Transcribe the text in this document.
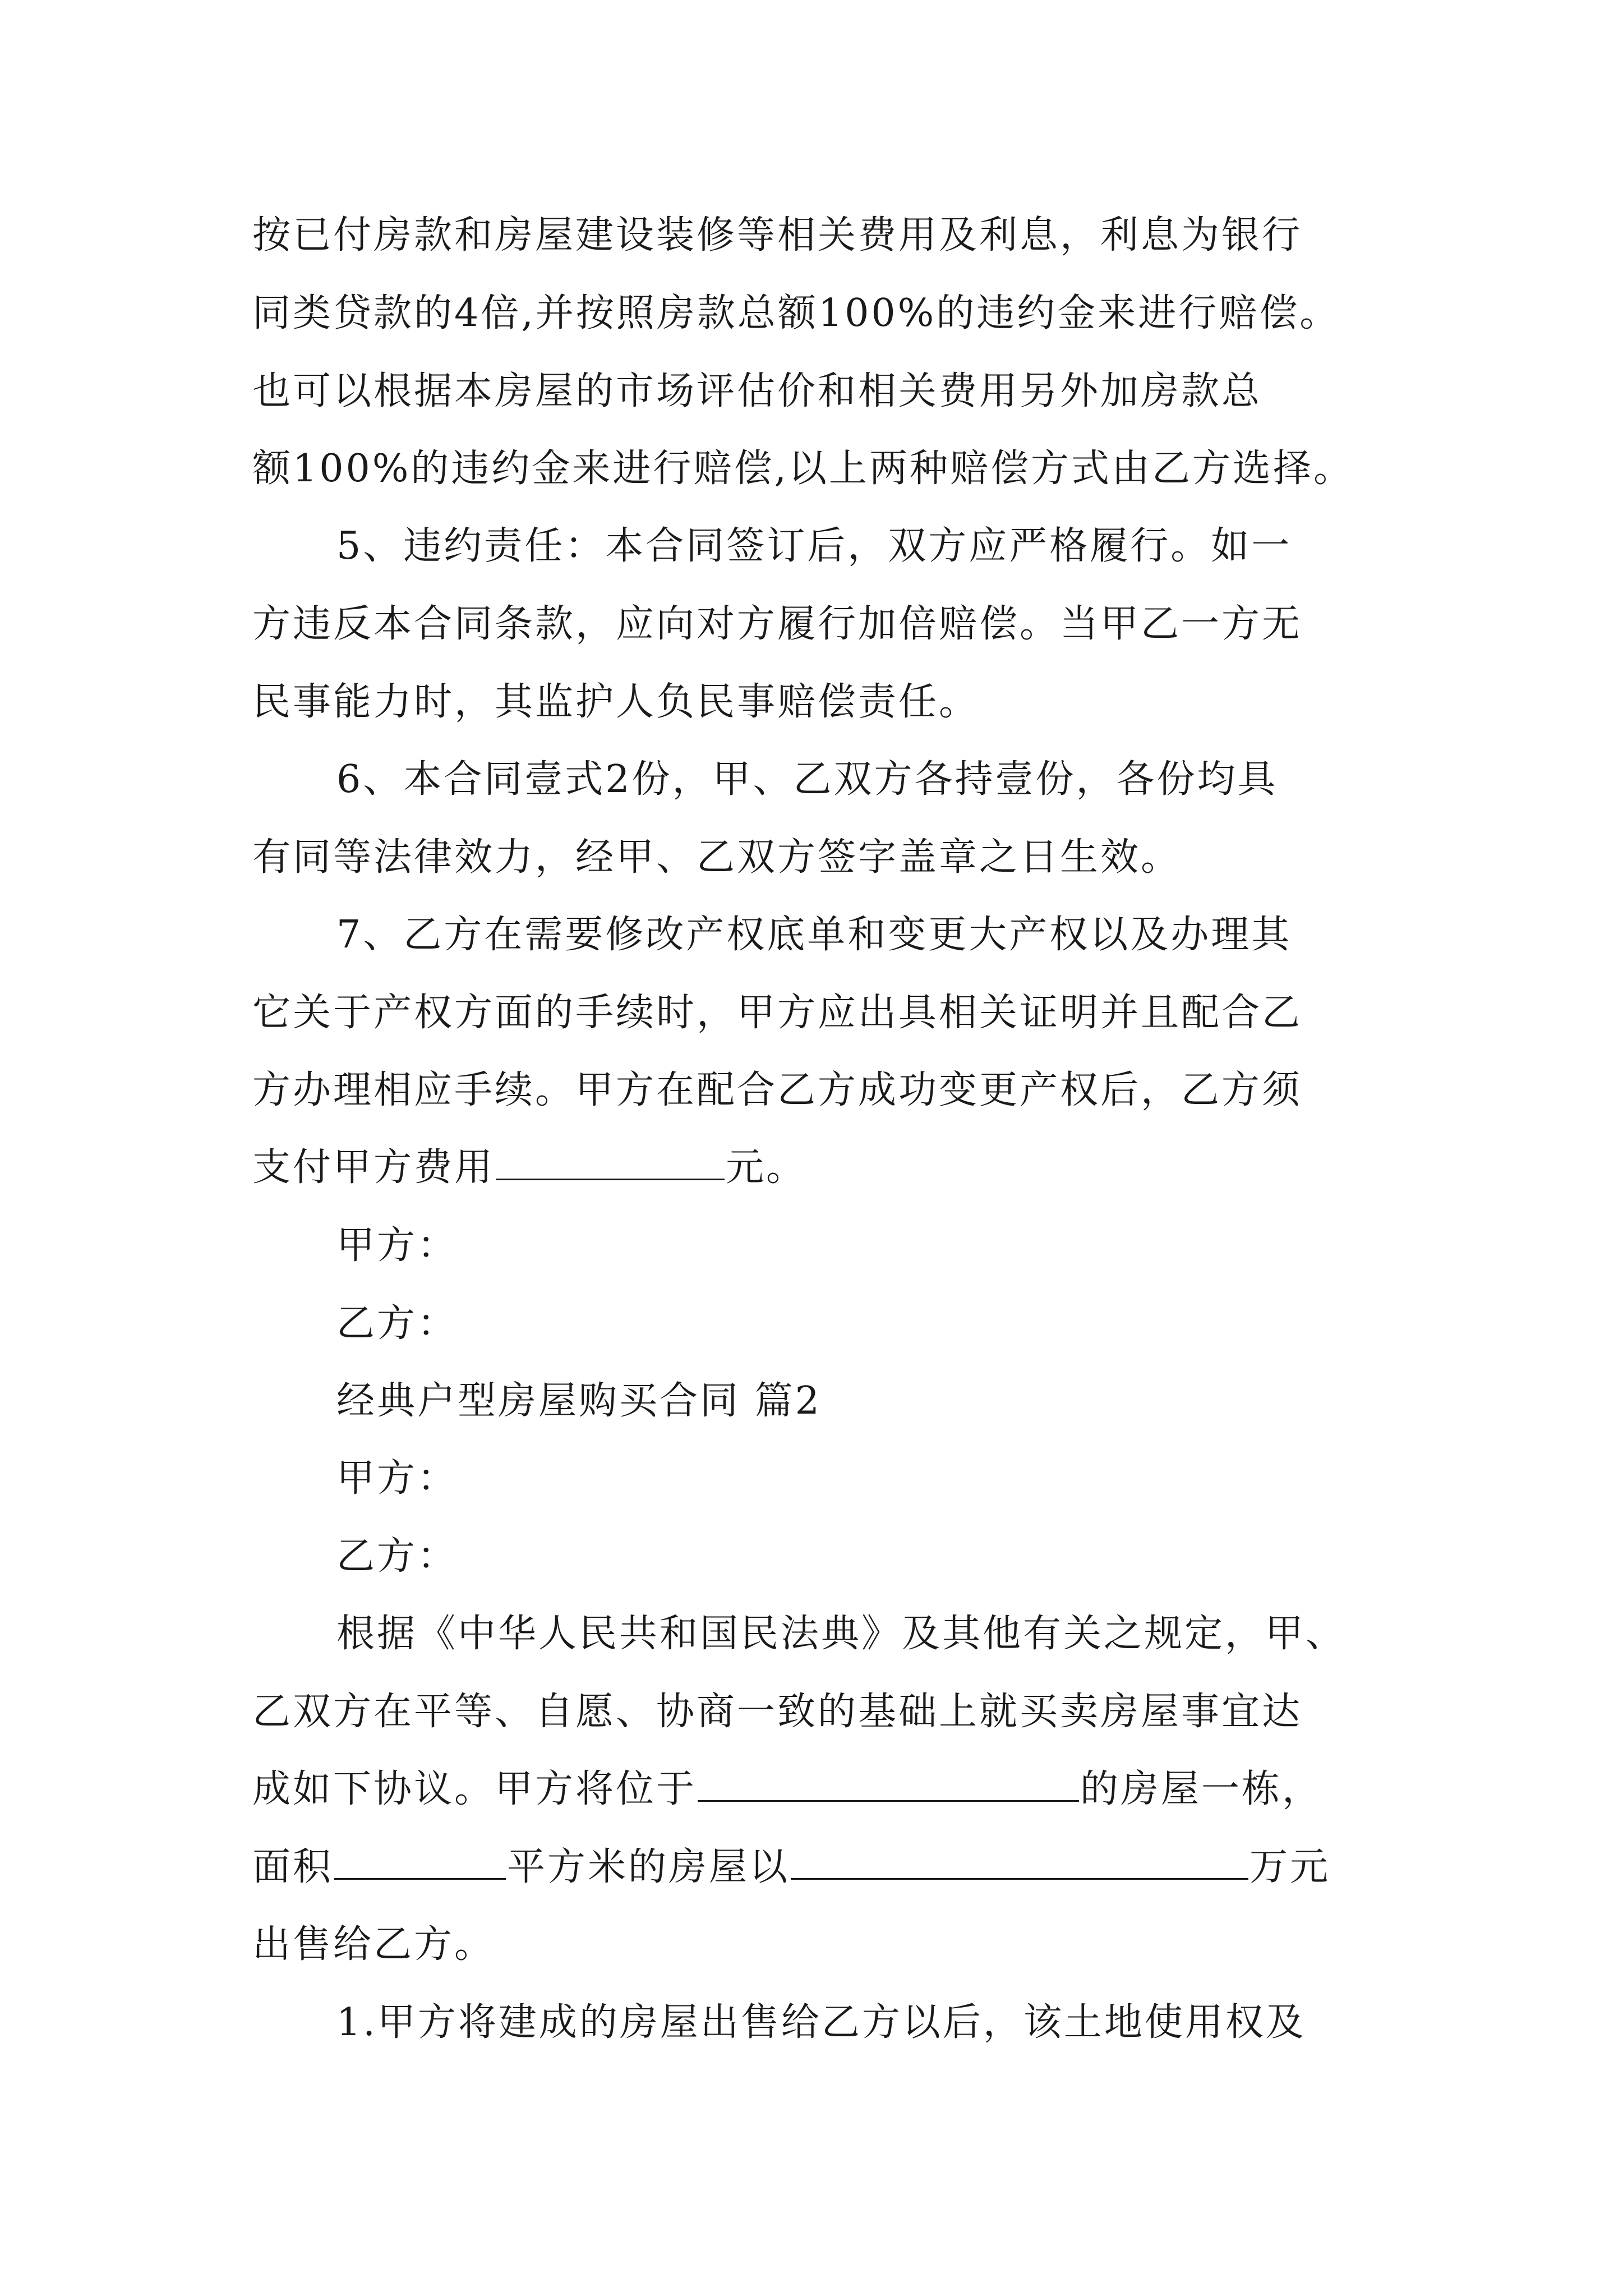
按已付房款和房屋建设装修等相关费用及利息，利息为银行
同类贷款的4倍,并按照房款总额100%的违约金来进行赔偿。
也可以根据本房屋的市场评估价和相关费用另外加房款总
额100%的违约金来进行赔偿,以上两种赔偿方式由乙方选择。
5、违约责任：本合同签订后，双方应严格履行。如一
方违反本合同条款，应向对方履行加倍赔偿。当甲乙一方无
民事能力时，其监护人负民事赔偿责任。
6、本合同壹式2份，甲、乙双方各持壹份，各份均具
有同等法律效力，经甲、乙双方签字盖章之日生效。
7、乙方在需要修改产权底单和变更大产权以及办理其
它关于产权方面的手续时，甲方应出具相关证明并且配合乙
方办理相应手续。甲方在配合乙方成功变更产权后，乙方须
支付甲方费用	元。
甲方：
乙方：
经典户型房屋购买合同 篇2
甲方：
乙方：
根据《中华人民共和国民法典》及其他有关之规定，甲、
乙双方在平等、自愿、协商一致的基础上就买卖房屋事宜达
成如下协议。甲方将位于	的房屋一栋，
面积	平方米的房屋以	万元
出售给乙方。
1.甲方将建成的房屋出售给乙方以后，该土地使用权及
